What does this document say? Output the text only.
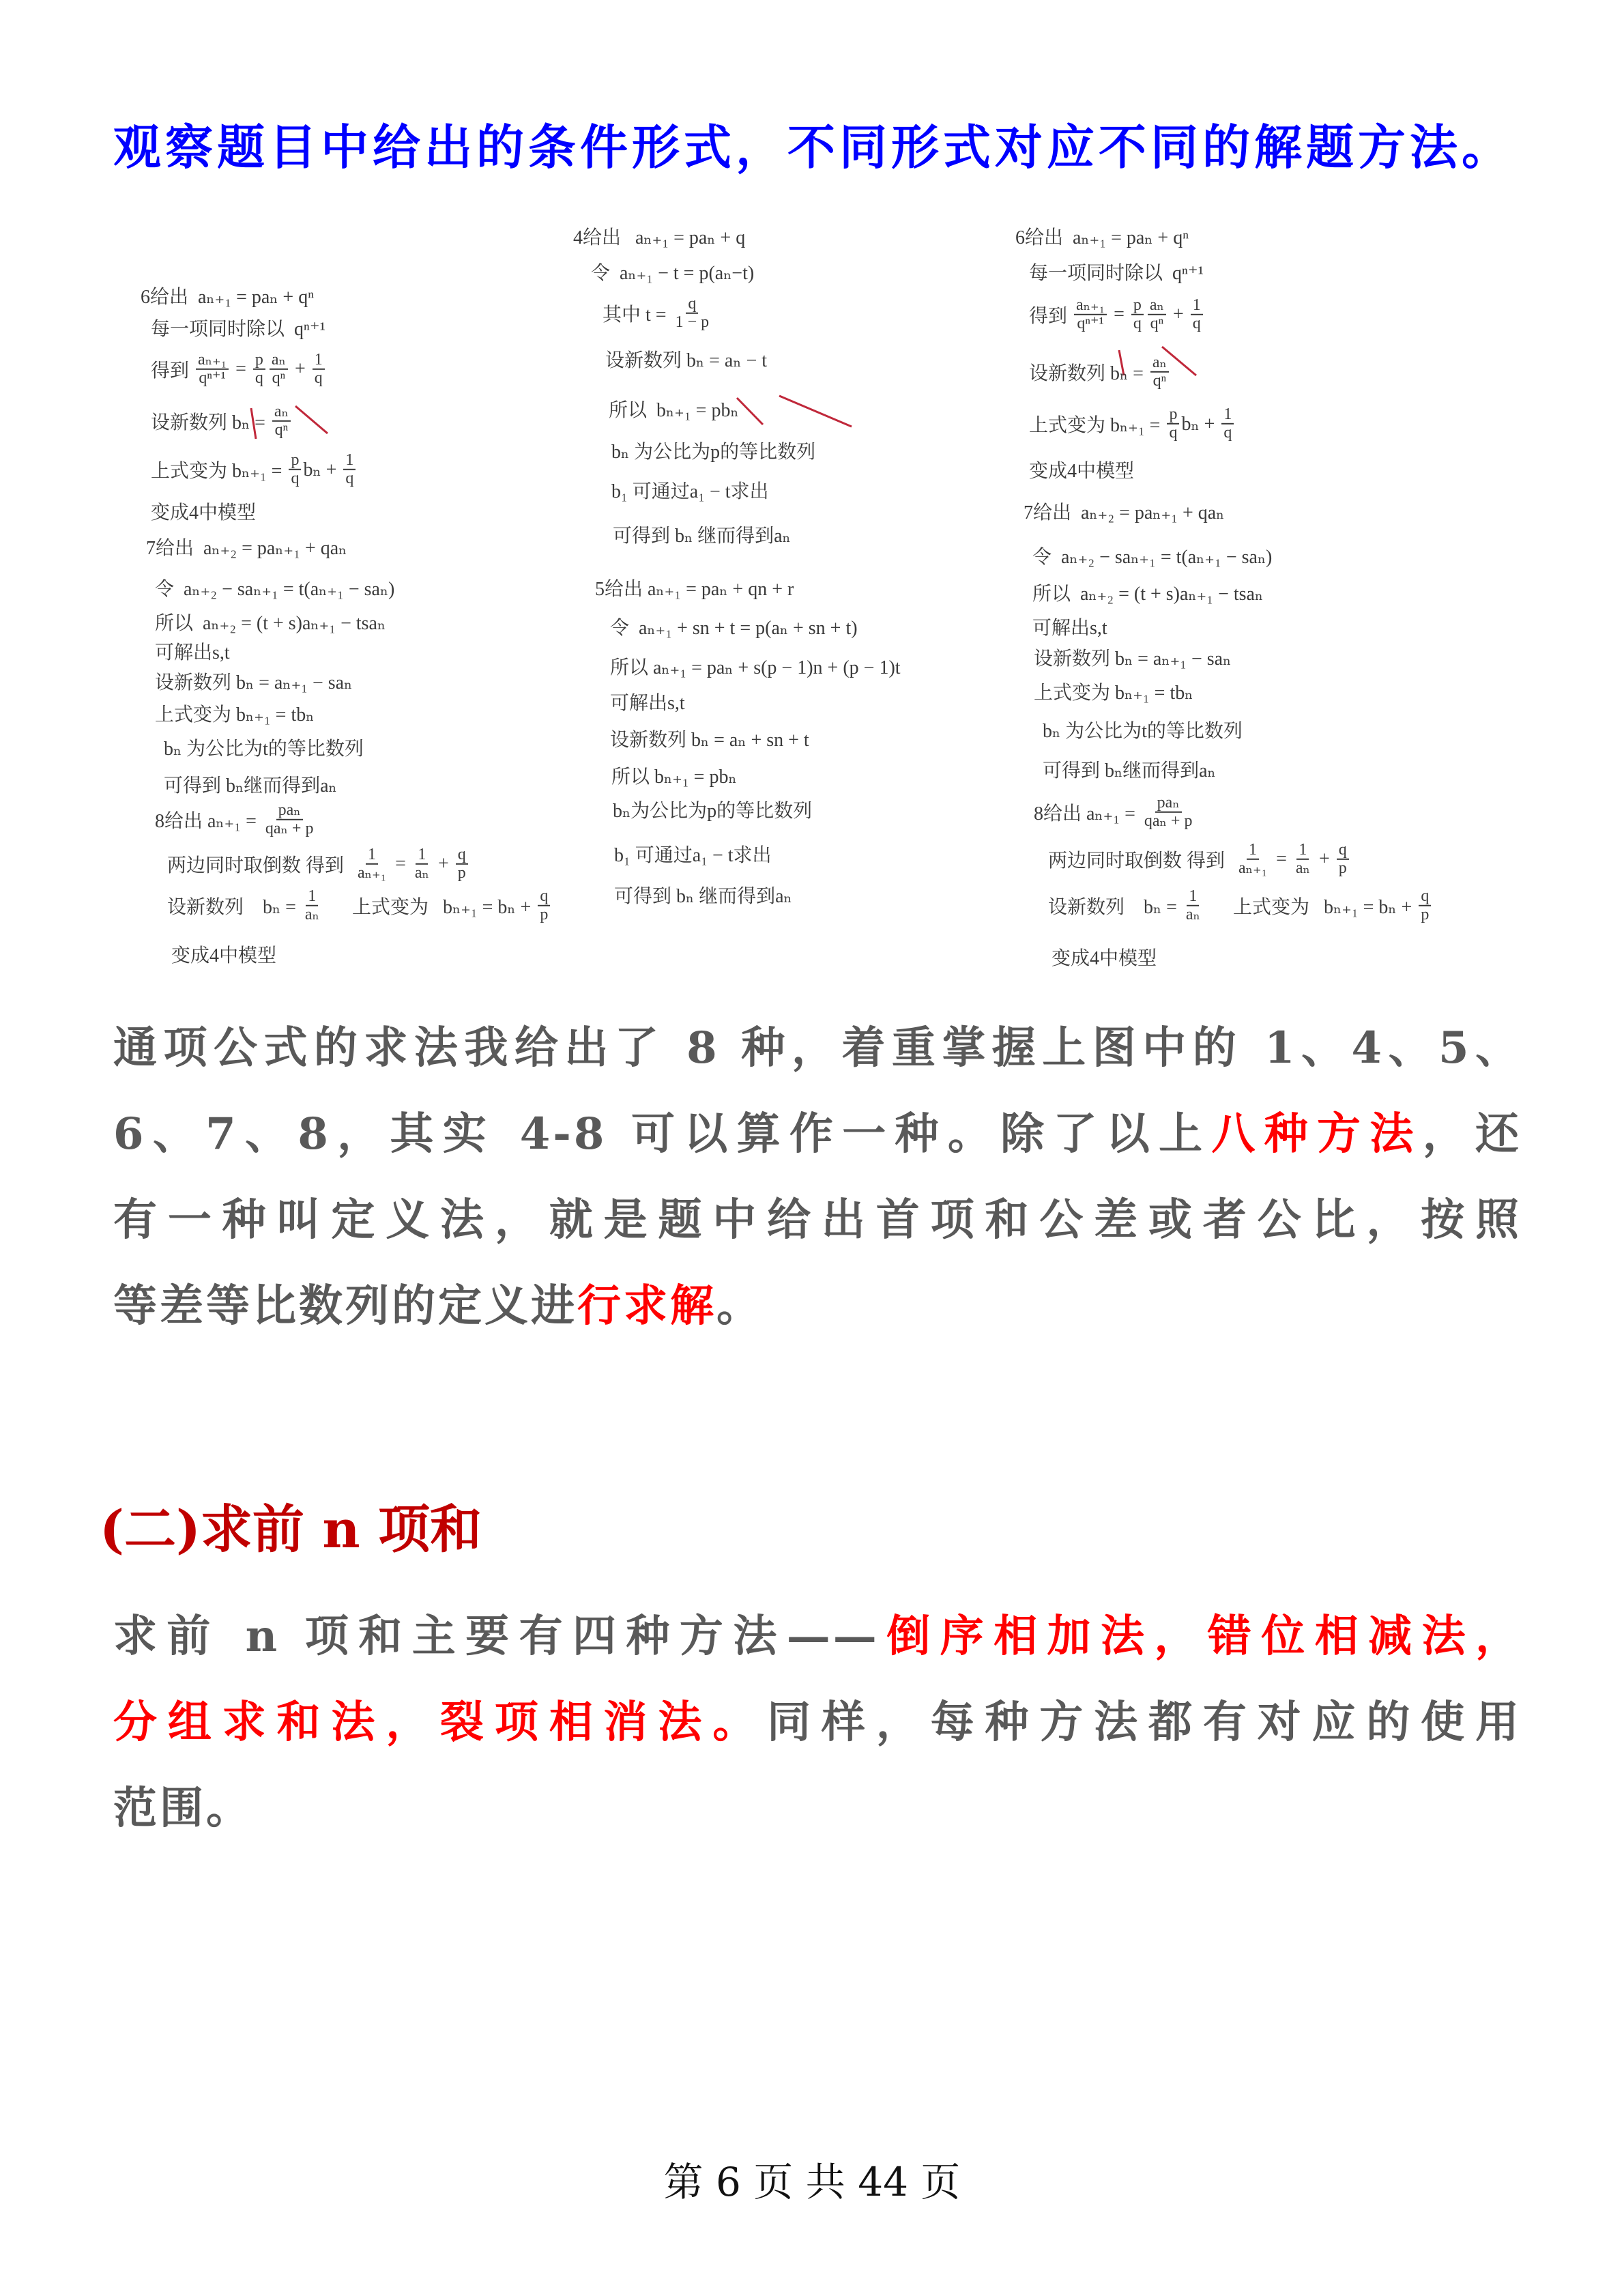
观察题目中给出的条件形式，不同形式对应不同的解题方法。
6给出  aₙ₊₁ = paₙ + qⁿ
每一项同时除以  qⁿ⁺¹
得到 $\frac{\text{aₙ₊₁}}{\text{qⁿ⁺¹}} = \frac{p}{q} \frac{\text{aₙ}}{\text{qⁿ}} + \frac{1}{q}$
设新数列 $b_n = \frac{\text{aₙ}}{\text{qⁿ}}$
上式变为 $b_{n+1} = \frac{p}{q}$ $b_n + \frac{1}{q}$
变成4中模型
7给出  aₙ₊₂ = paₙ₊₁ + qaₙ
令  aₙ₊₂ − saₙ₊₁ = t(aₙ₊₁ − saₙ)
所以  aₙ₊₂ = (t + s)aₙ₊₁ − tsaₙ
可解出s,t
设新数列 bₙ = aₙ₊₁ − saₙ
上式变为 bₙ₊₁ = tbₙ
bₙ 为公比为t的等比数列
可得到 bₙ继而得到aₙ
8给出 $a_{n+1} = \frac{\text{paₙ}}{\text{qaₙ + p}}$
两边同时取倒数 得到 $\frac{1}{\text{aₙ₊₁}} = \frac{1}{\text{aₙ}} + \frac{q}{p}$
设新数列    $b_n = \frac{1}{\text{aₙ}}$ 上式变为   $b_{n+1} = b_n + \frac{q}{p}$
变成4中模型
4给出   aₙ₊₁ = paₙ + q
令  aₙ₊₁ − t = p(aₙ−t)
其中 $t = \frac{q}{1 - p}$
设新数列 bₙ = aₙ − t
所以  bₙ₊₁ = pbₙ
bₙ 为公比为p的等比数列
b₁ 可通过a₁ − t求出
可得到 bₙ 继而得到aₙ
5给出 aₙ₊₁ = paₙ + qn + r
令  aₙ₊₁ + sn + t = p(aₙ + sn + t)
所以 aₙ₊₁ = paₙ + s(p − 1)n + (p − 1)t
可解出s,t
设新数列 bₙ = aₙ + sn + t
所以 bₙ₊₁ = pbₙ
bₙ为公比为p的等比数列
b₁ 可通过a₁ − t求出
可得到 bₙ 继而得到aₙ
6给出  aₙ₊₁ = paₙ + qⁿ
每一项同时除以  qⁿ⁺¹
得到 $\frac{\text{aₙ₊₁}}{\text{qⁿ⁺¹}} = \frac{p}{q} \frac{\text{aₙ}}{\text{qⁿ}} + \frac{1}{q}$
设新数列 $b_n = \frac{\text{aₙ}}{\text{qⁿ}}$
上式变为 $b_{n+1} = \frac{p}{q}$ $b_n + \frac{1}{q}$
变成4中模型
7给出  aₙ₊₂ = paₙ₊₁ + qaₙ
令  aₙ₊₂ − saₙ₊₁ = t(aₙ₊₁ − saₙ)
所以  aₙ₊₂ = (t + s)aₙ₊₁ − tsaₙ
可解出s,t
设新数列 bₙ = aₙ₊₁ − saₙ
上式变为 bₙ₊₁ = tbₙ
bₙ 为公比为t的等比数列
可得到 bₙ继而得到aₙ
8给出 $a_{n+1} = \frac{\text{paₙ}}{\text{qaₙ + p}}$
两边同时取倒数 得到 $\frac{1}{\text{aₙ₊₁}} = \frac{1}{\text{aₙ}} + \frac{q}{p}$
设新数列    $b_n = \frac{1}{\text{aₙ}}$ 上式变为   $b_{n+1} = b_n + \frac{q}{p}$
变成4中模型
通项公式的求法我给出了 8 种，着重掌握上图中的 1、4、5、
6、7、8，其实 4-8 可以算作一种。除了以上八种方法，还
有一种叫定义法，就是题中给出首项和公差或者公比，按照
等差等比数列的定义进行求解。
(二)求前 n 项和
求前 n 项和主要有四种方法——倒序相加法，错位相减法，
分组求和法，裂项相消法。同样，每种方法都有对应的使用
范围。
第 6 页 共 44 页
